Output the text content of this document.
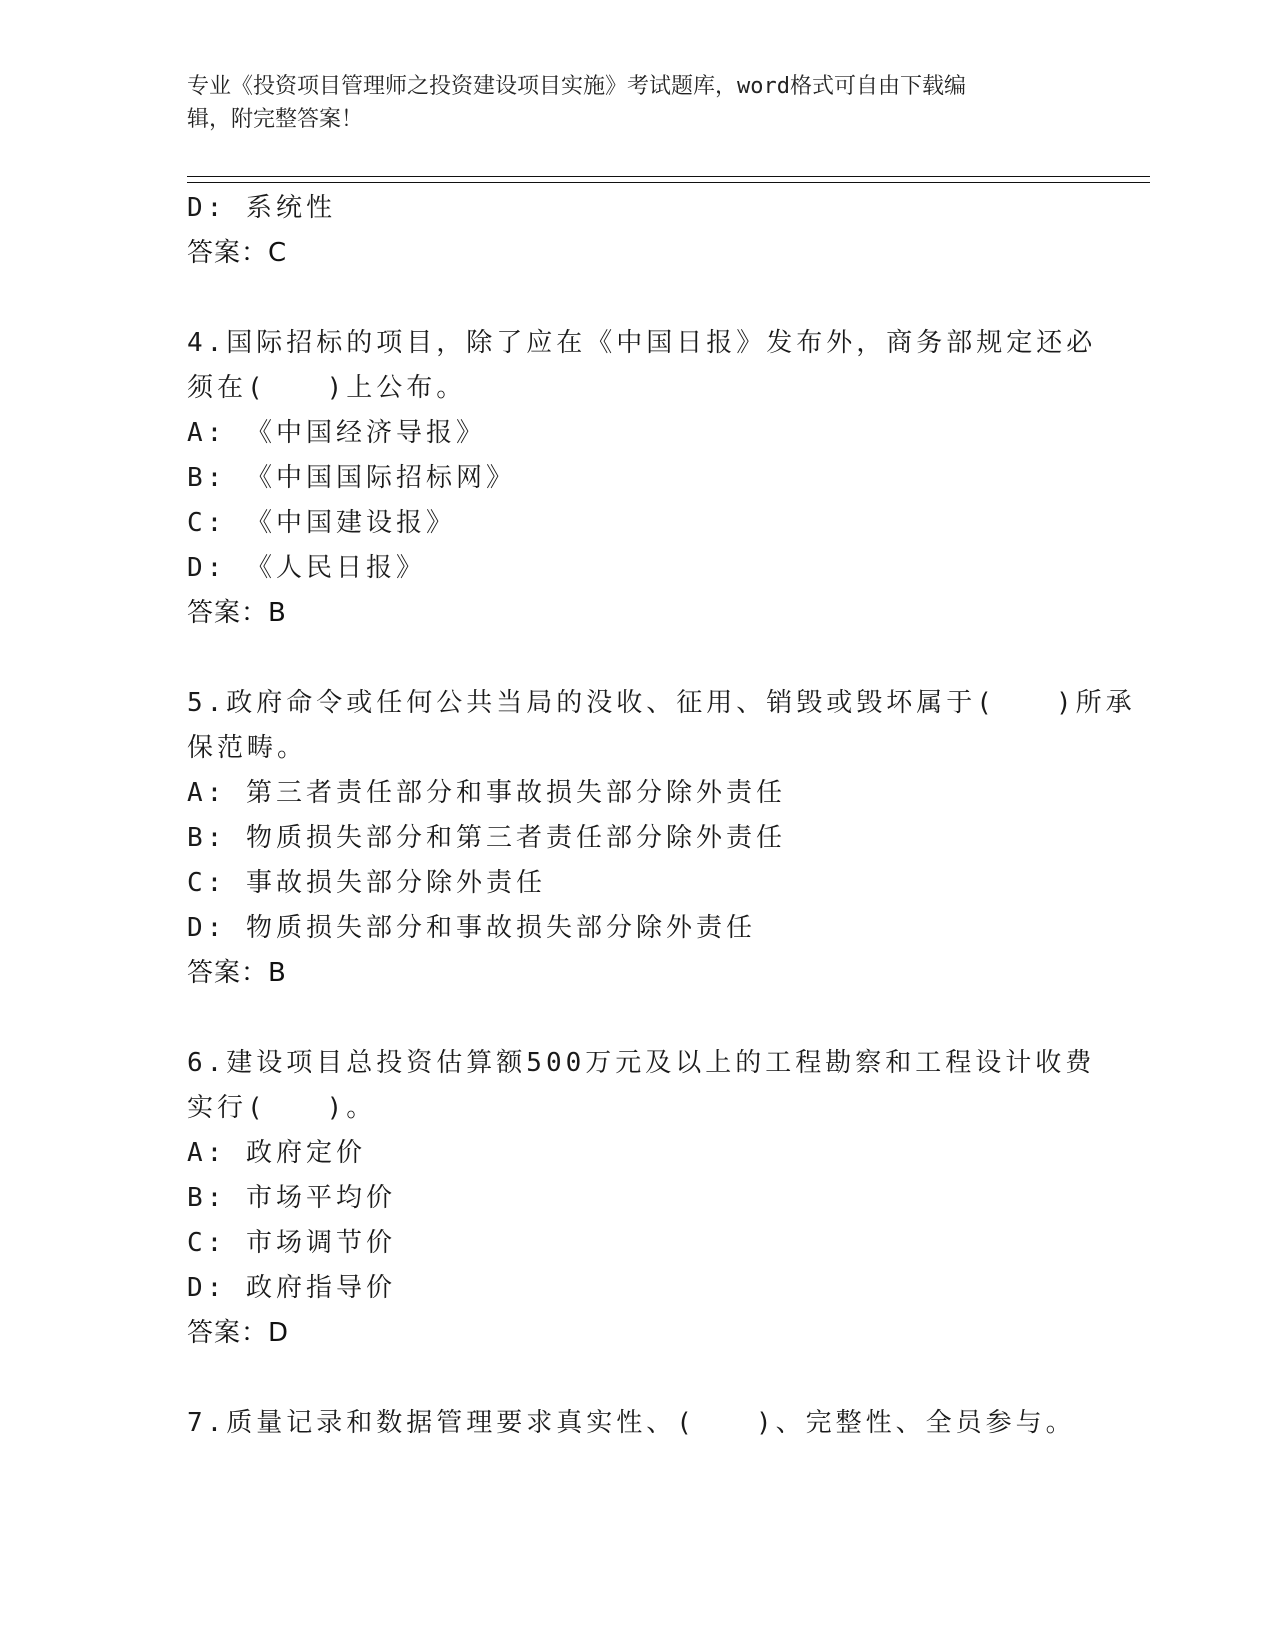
专业《投资项目管理师之投资建设项目实施》考试题库，word格式可自由下载编
辑，附完整答案！
D: 系统性
答案：C
4.国际招标的项目，除了应在《中国日报》发布外，商务部规定还必
须在(　　)上公布。
A: 《中国经济导报》
B: 《中国国际招标网》
C: 《中国建设报》
D: 《人民日报》
答案：B
5.政府命令或任何公共当局的没收、征用、销毁或毁坏属于(　　)所承
保范畴。
A: 第三者责任部分和事故损失部分除外责任
B: 物质损失部分和第三者责任部分除外责任
C: 事故损失部分除外责任
D: 物质损失部分和事故损失部分除外责任
答案：B
6.建设项目总投资估算额500万元及以上的工程勘察和工程设计收费
实行(　　)。
A: 政府定价
B: 市场平均价
C: 市场调节价
D: 政府指导价
答案：D
7.质量记录和数据管理要求真实性、(　　)、完整性、全员参与。
